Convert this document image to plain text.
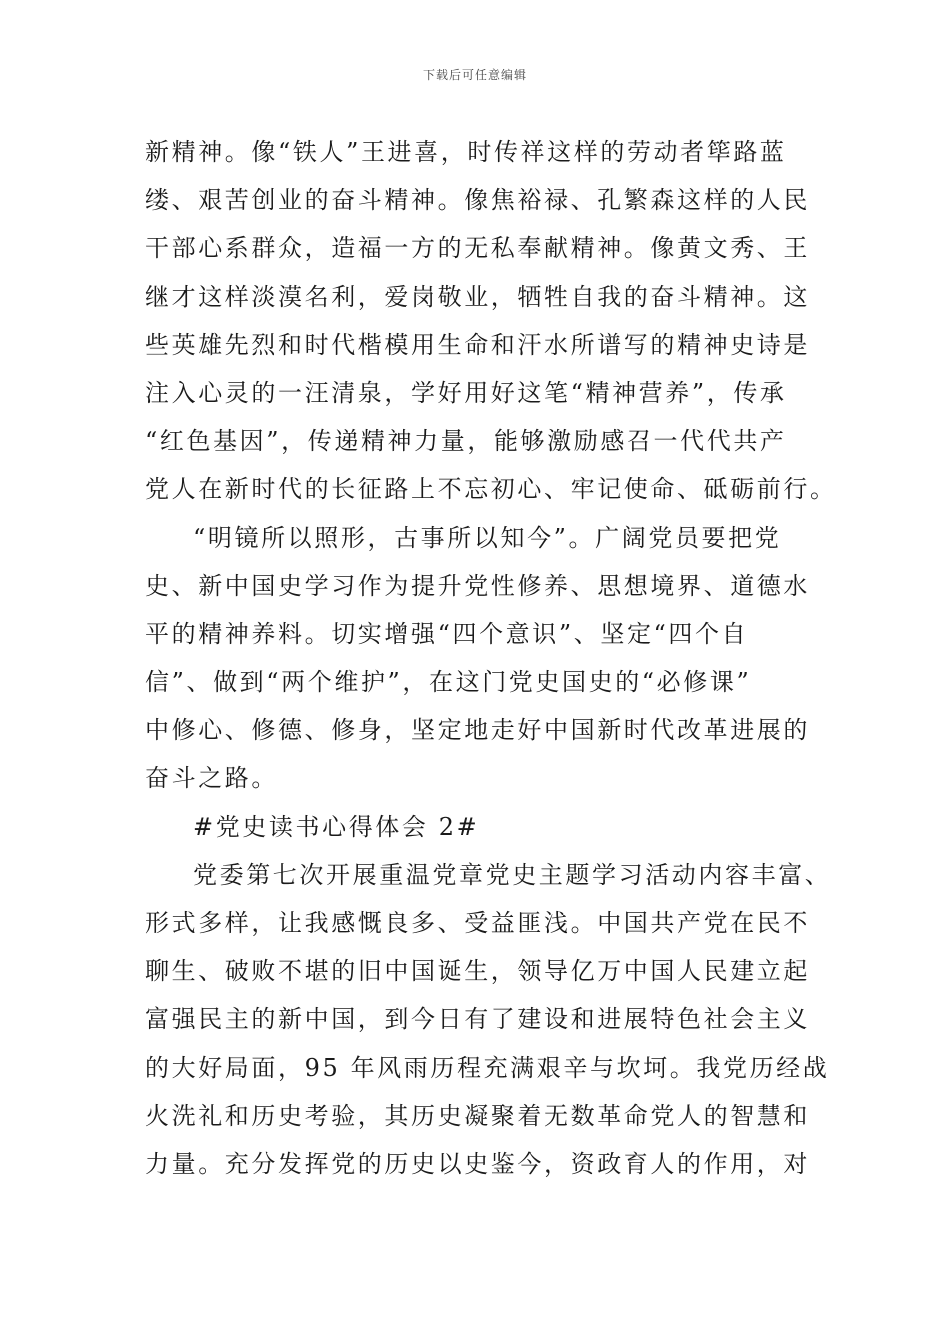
下载后可任意编辑
新精神。像“铁人”王进喜，时传祥这样的劳动者筚路蓝
缕、艰苦创业的奋斗精神。像焦裕禄、孔繁森这样的人民
干部心系群众，造福一方的无私奉献精神。像黄文秀、王
继才这样淡漠名利，爱岗敬业，牺牲自我的奋斗精神。这
些英雄先烈和时代楷模用生命和汗水所谱写的精神史诗是
注入心灵的一汪清泉，学好用好这笔“精神营养”，传承
“红色基因”，传递精神力量，能够激励感召一代代共产
党人在新时代的长征路上不忘初心、牢记使命、砥砺前行。
“明镜所以照形，古事所以知今”。广阔党员要把党
史、新中国史学习作为提升党性修养、思想境界、道德水
平的精神养料。切实增强“四个意识”、坚定“四个自
信”、做到“两个维护”，在这门党史国史的“必修课”
中修心、修德、修身，坚定地走好中国新时代改革进展的
奋斗之路。
#党史读书心得体会 2#
党委第七次开展重温党章党史主题学习活动内容丰富、
形式多样，让我感慨良多、受益匪浅。中国共产党在民不
聊生、破败不堪的旧中国诞生，领导亿万中国人民建立起
富强民主的新中国，到今日有了建设和进展特色社会主义
的大好局面，95 年风雨历程充满艰辛与坎坷。我党历经战
火洗礼和历史考验，其历史凝聚着无数革命党人的智慧和
力量。充分发挥党的历史以史鉴今，资政育人的作用，对
